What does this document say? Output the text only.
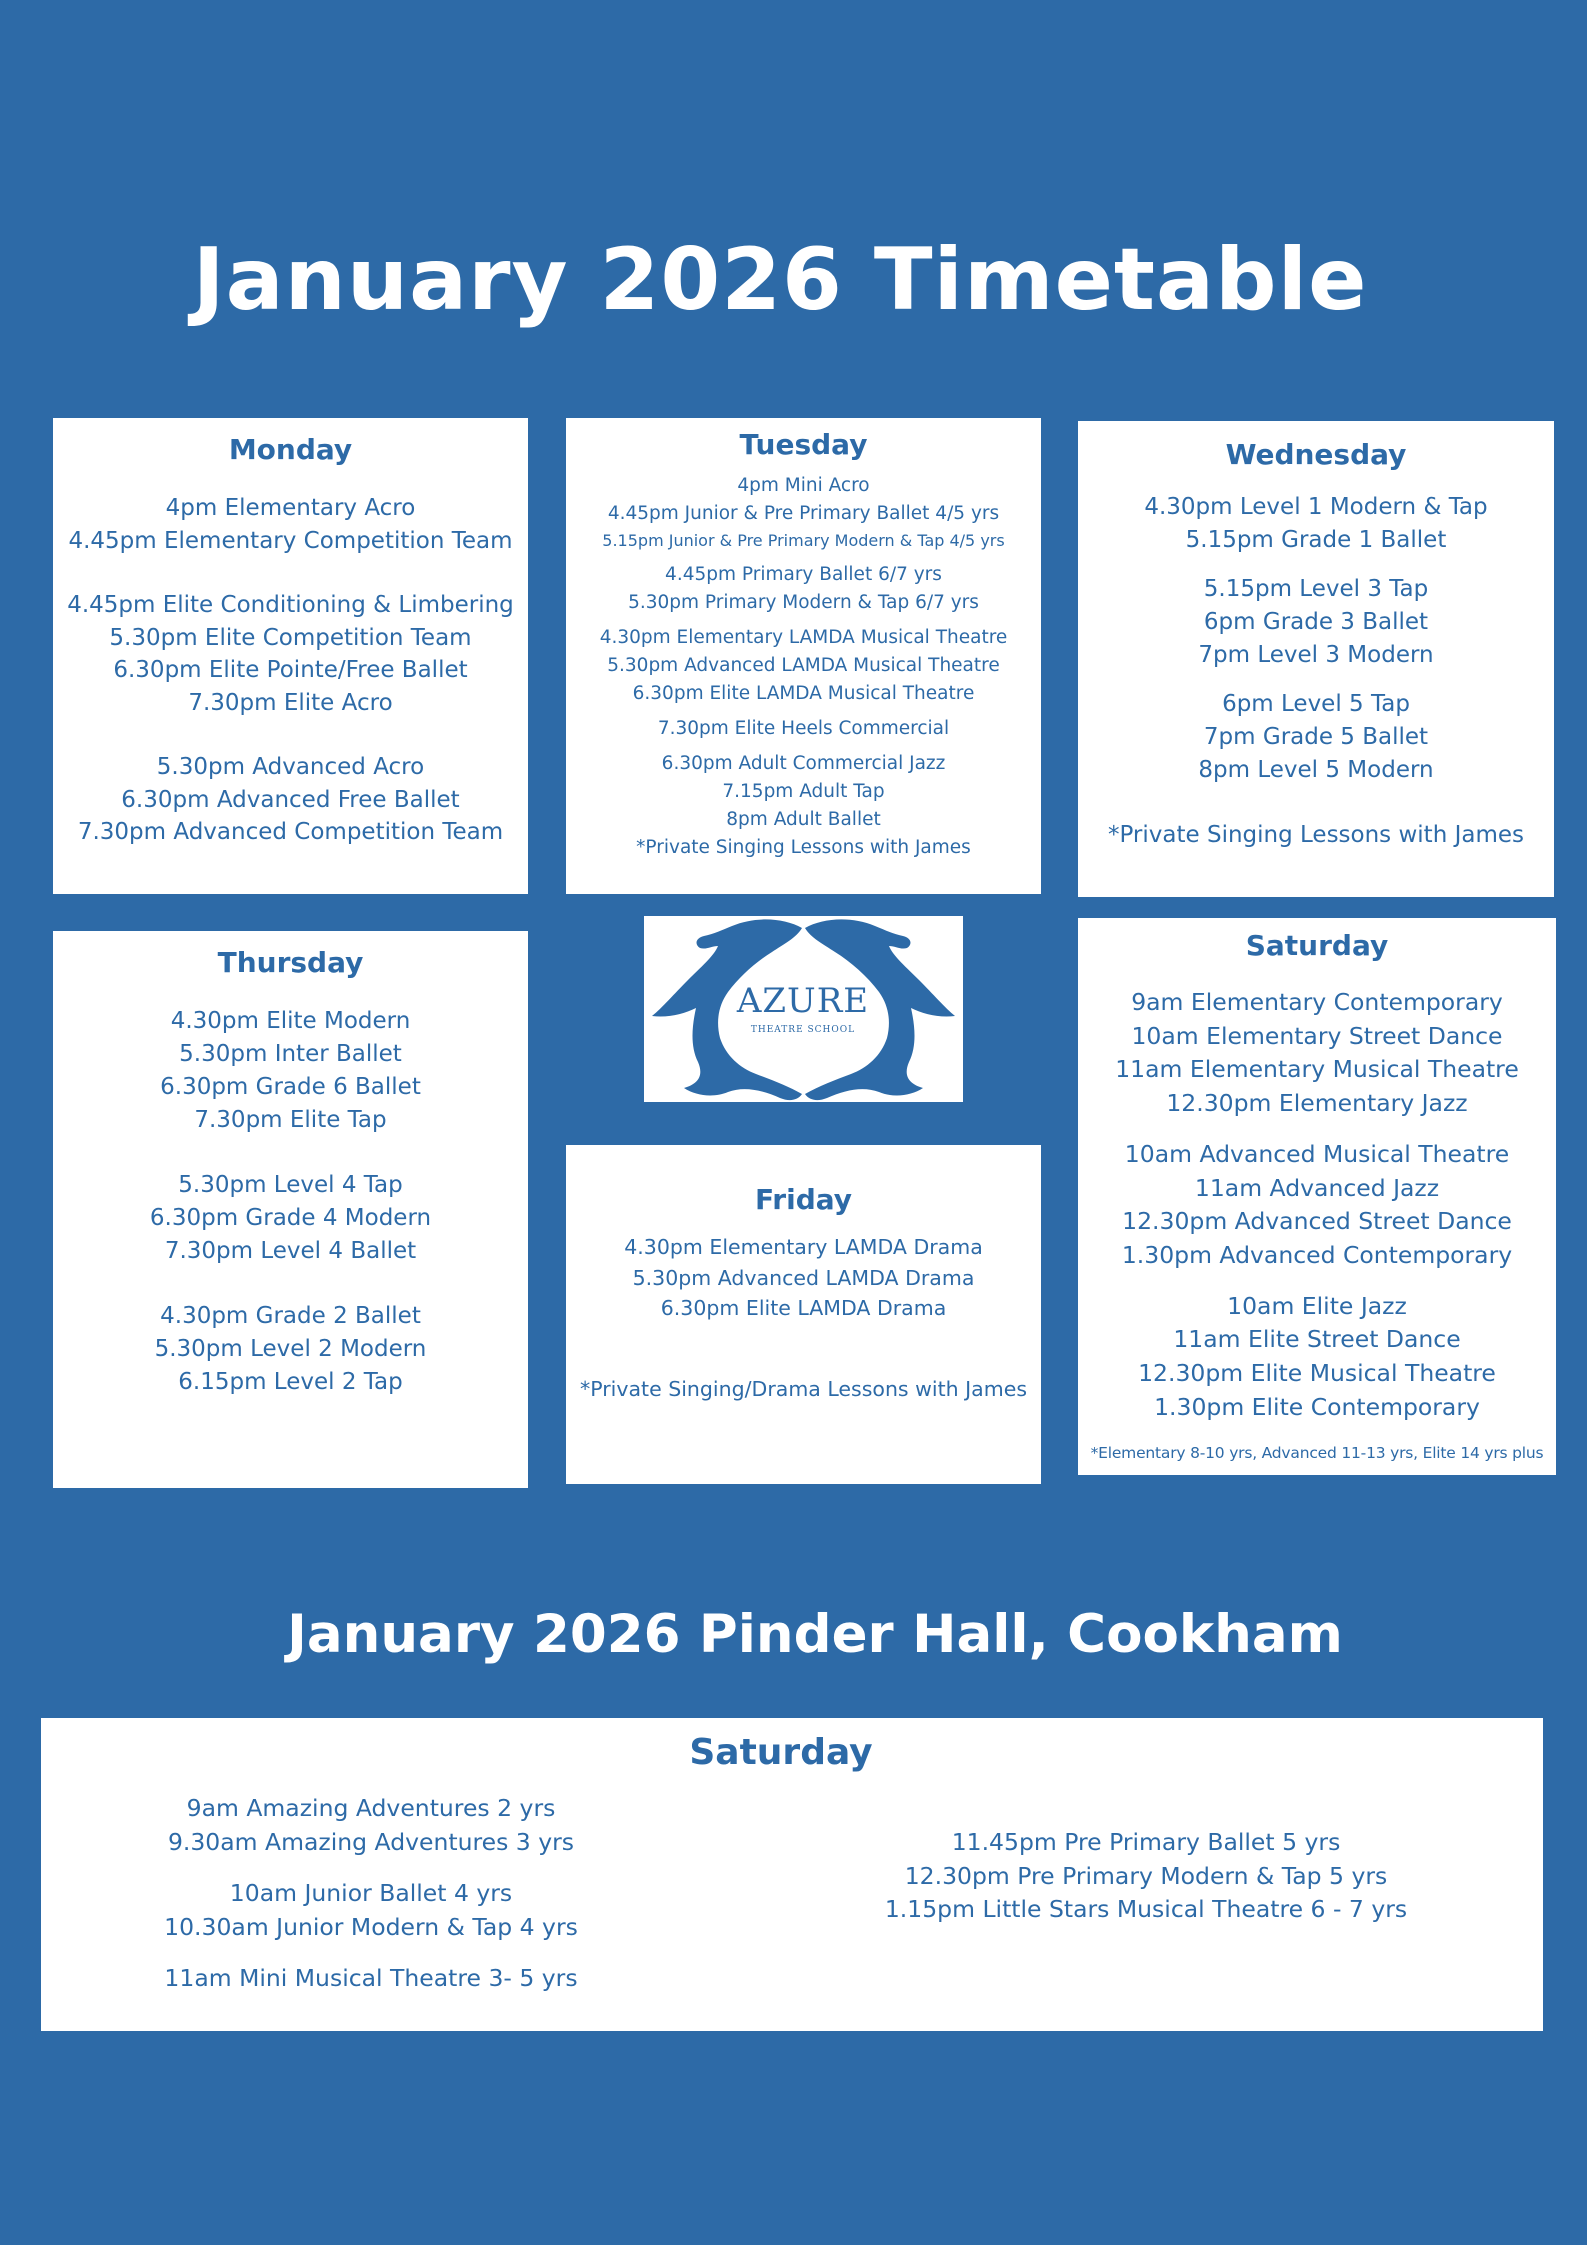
January 2026 Timetable
Monday
4pm Elementary Acro
4.45pm Elementary Competition Team
4.45pm Elite Conditioning & Limbering
5.30pm Elite Competition Team
6.30pm Elite Pointe/Free Ballet
7.30pm Elite Acro
5.30pm Advanced Acro
6.30pm Advanced Free Ballet
7.30pm Advanced Competition Team
Tuesday
4pm Mini Acro
4.45pm Junior & Pre Primary Ballet 4/5 yrs
5.15pm Junior & Pre Primary Modern & Tap 4/5 yrs
4.45pm Primary Ballet 6/7 yrs
5.30pm Primary Modern & Tap 6/7 yrs
4.30pm Elementary LAMDA Musical Theatre
5.30pm Advanced LAMDA Musical Theatre
6.30pm Elite LAMDA Musical Theatre
7.30pm Elite Heels Commercial
6.30pm Adult Commercial Jazz
7.15pm Adult Tap
8pm Adult Ballet
*Private Singing Lessons with James
Wednesday
4.30pm Level 1 Modern & Tap
5.15pm Grade 1 Ballet
5.15pm Level 3 Tap
6pm Grade 3 Ballet
7pm Level 3 Modern
6pm Level 5 Tap
7pm Grade 5 Ballet
8pm Level 5 Modern
*Private Singing Lessons with James
Thursday
4.30pm Elite Modern
5.30pm Inter Ballet
6.30pm Grade 6 Ballet
7.30pm Elite Tap
5.30pm Level 4 Tap
6.30pm Grade 4 Modern
7.30pm Level 4 Ballet
4.30pm Grade 2 Ballet
5.30pm Level 2 Modern
6.15pm Level 2 Tap
AZURE
THEATRE SCHOOL
Friday
4.30pm Elementary LAMDA Drama
5.30pm Advanced LAMDA Drama
6.30pm Elite LAMDA Drama
*Private Singing/Drama Lessons with James
Saturday
9am Elementary Contemporary
10am Elementary Street Dance
11am Elementary Musical Theatre
12.30pm Elementary Jazz
10am Advanced Musical Theatre
11am Advanced Jazz
12.30pm Advanced Street Dance
1.30pm Advanced Contemporary
10am Elite Jazz
11am Elite Street Dance
12.30pm Elite Musical Theatre
1.30pm Elite Contemporary
*Elementary 8-10 yrs, Advanced 11-13 yrs, Elite 14 yrs plus
January 2026 Pinder Hall, Cookham
Saturday
9am Amazing Adventures 2 yrs
9.30am Amazing Adventures 3 yrs
10am Junior Ballet 4 yrs
10.30am Junior Modern & Tap 4 yrs
11am Mini Musical Theatre 3- 5 yrs
11.45pm Pre Primary Ballet 5 yrs
12.30pm Pre Primary Modern & Tap 5 yrs
1.15pm Little Stars Musical Theatre 6 - 7 yrs
